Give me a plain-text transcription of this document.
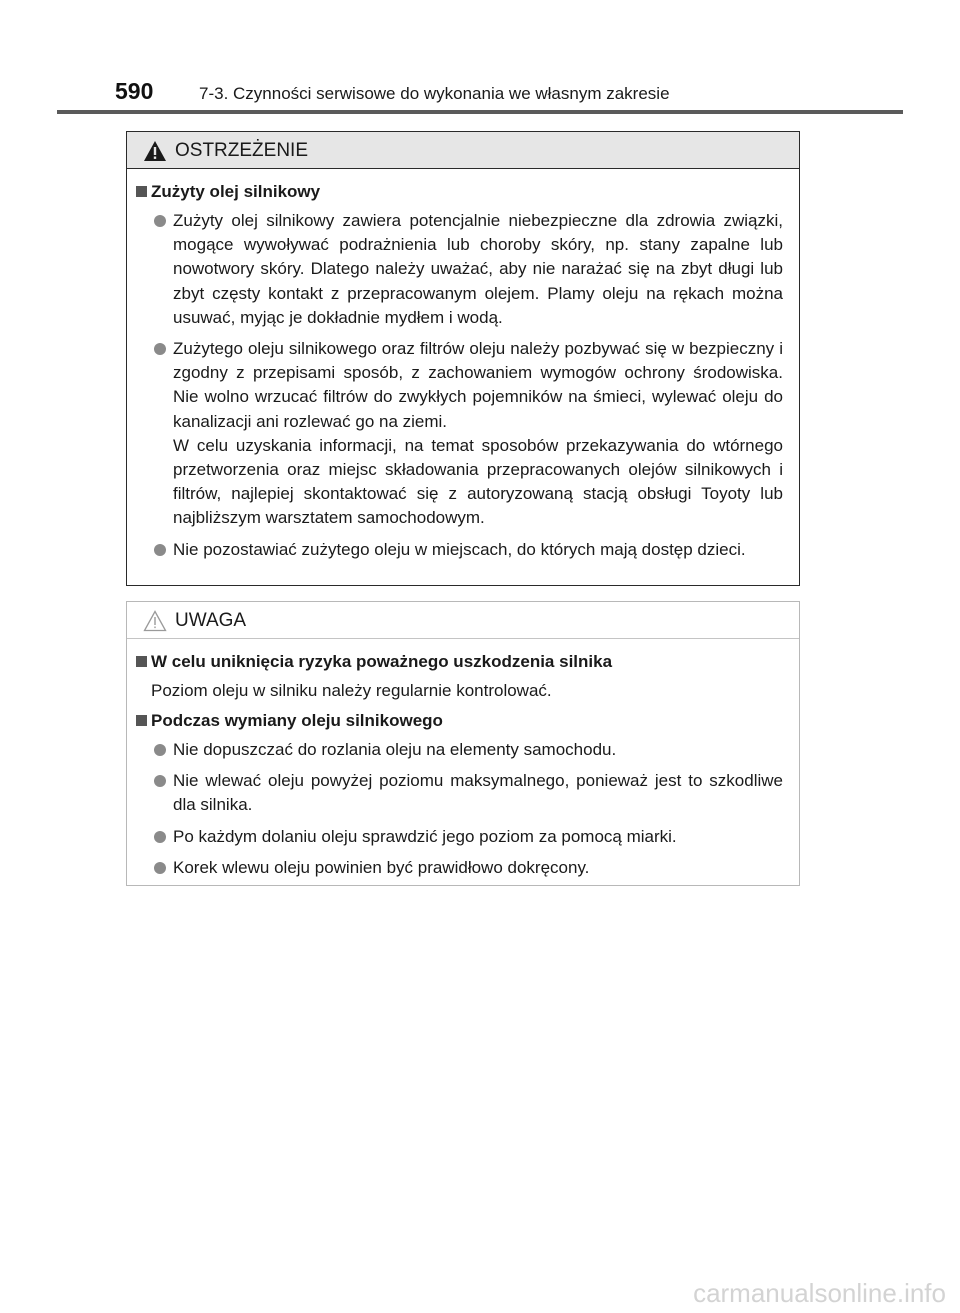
590	7-3. Czynności serwisowe do wykonania we własnym zakresie
OSTRZEŻENIE
Zużyty olej silnikowy

Zużyty olej silnikowy zawiera potencjalnie niebezpieczne dla zdrowia związki, mogące wywoływać podrażnienia lub choroby skóry, np. stany zapalne lub nowotwory skóry. Dlatego należy uważać, aby nie narażać się na zbyt długi lub zbyt częsty kontakt z przepracowanym olejem. Plamy oleju na rękach można usuwać, myjąc je dokładnie mydłem i wodą.

Zużytego oleju silnikowego oraz filtrów oleju należy pozbywać się w bezpieczny i zgodny z przepisami sposób, z zachowaniem wymogów ochrony środowiska. Nie wolno wrzucać filtrów do zwykłych pojemników na śmieci, wylewać oleju do kanalizacji ani rozlewać go na ziemi.

W celu uzyskania informacji, na temat sposobów przekazywania do wtórnego przetworzenia oraz miejsc składowania przepracowanych olejów silnikowych i filtrów, najlepiej skontaktować się z autoryzowaną stacją obsługi Toyoty lub najbliższym warsztatem samochodowym.

Nie pozostawiać zużytego oleju w miejscach, do których mają dostęp dzieci.

UWAGA
W celu uniknięcia ryzyka poważnego uszkodzenia silnika
Poziom oleju w silniku należy regularnie kontrolować.
Podczas wymiany oleju silnikowego

Nie dopuszczać do rozlania oleju na elementy samochodu.

Nie wlewać oleju powyżej poziomu maksymalnego, ponieważ jest to szkodliwe dla silnika.

Po każdym dolaniu oleju sprawdzić jego poziom za pomocą miarki.

Korek wlewu oleju powinien być prawidłowo dokręcony.

carmanualsonline.info
